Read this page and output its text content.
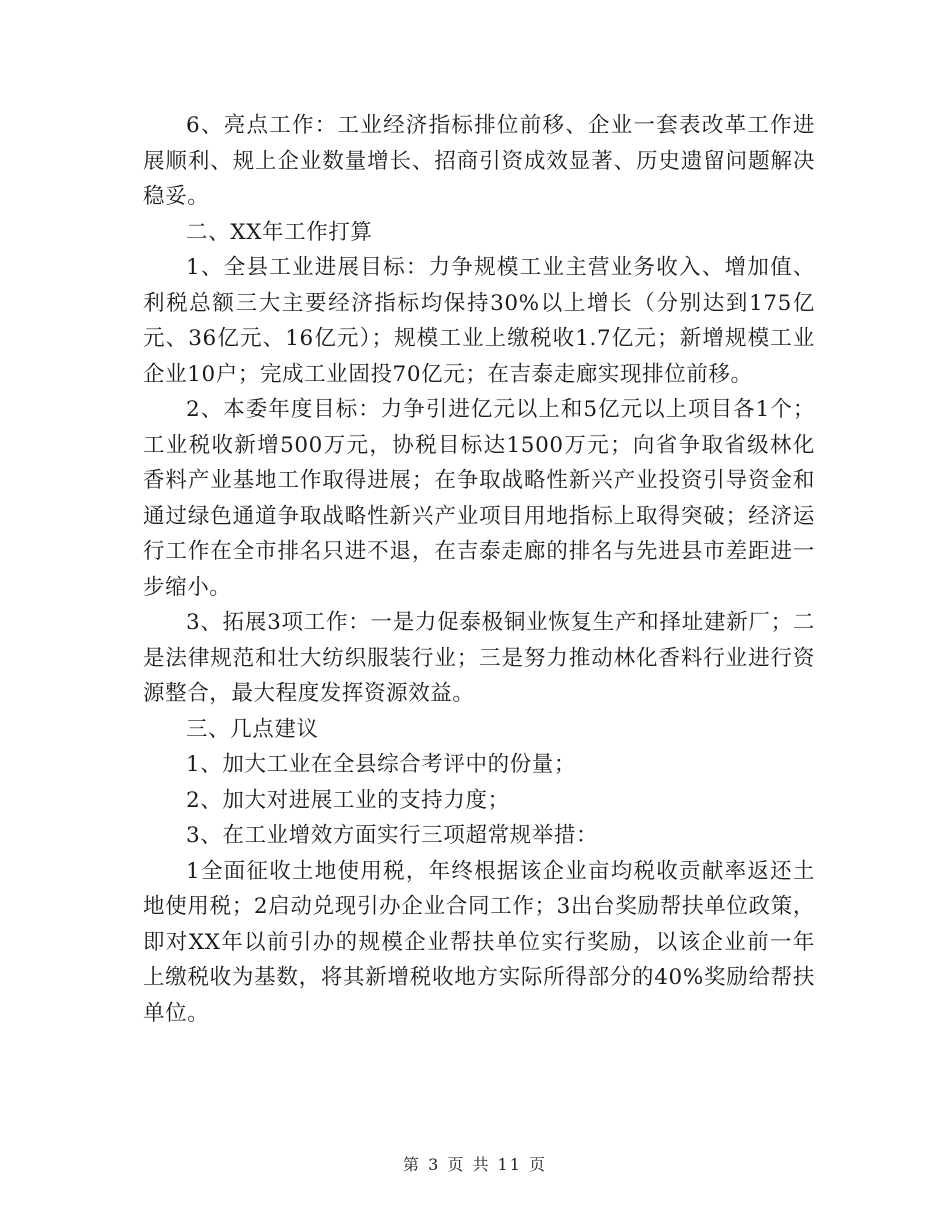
6、亮点工作：工业经济指标排位前移、企业一套表改革工作进展顺利、规上企业数量增长、招商引资成效显著、历史遗留问题解决稳妥。

二、XX年工作打算

1、全县工业进展目标：力争规模工业主营业务收入、增加值、利税总额三大主要经济指标均保持30%以上增长（分别达到175亿元、36亿元、16亿元）；规模工业上缴税收1.7亿元；新增规模工业企业10户；完成工业固投70亿元；在吉泰走廊实现排位前移。

2、本委年度目标：力争引进亿元以上和5亿元以上项目各1个；工业税收新增500万元，协税目标达1500万元；向省争取省级林化香料产业基地工作取得进展；在争取战略性新兴产业投资引导资金和通过绿色通道争取战略性新兴产业项目用地指标上取得突破；经济运行工作在全市排名只进不退，在吉泰走廊的排名与先进县市差距进一步缩小。

3、拓展3项工作：一是力促泰极铜业恢复生产和择址建新厂；二是法律规范和壮大纺织服装行业；三是努力推动林化香料行业进行资源整合，最大程度发挥资源效益。

三、几点建议

1、加大工业在全县综合考评中的份量；

2、加大对进展工业的支持力度；

3、在工业增效方面实行三项超常规举措：

1全面征收土地使用税，年终根据该企业亩均税收贡献率返还土地使用税；2启动兑现引办企业合同工作；3出台奖励帮扶单位政策，即对XX年以前引办的规模企业帮扶单位实行奖励，以该企业前一年上缴税收为基数，将其新增税收地方实际所得部分的40%奖励给帮扶单位。

第 3 页 共 11 页
